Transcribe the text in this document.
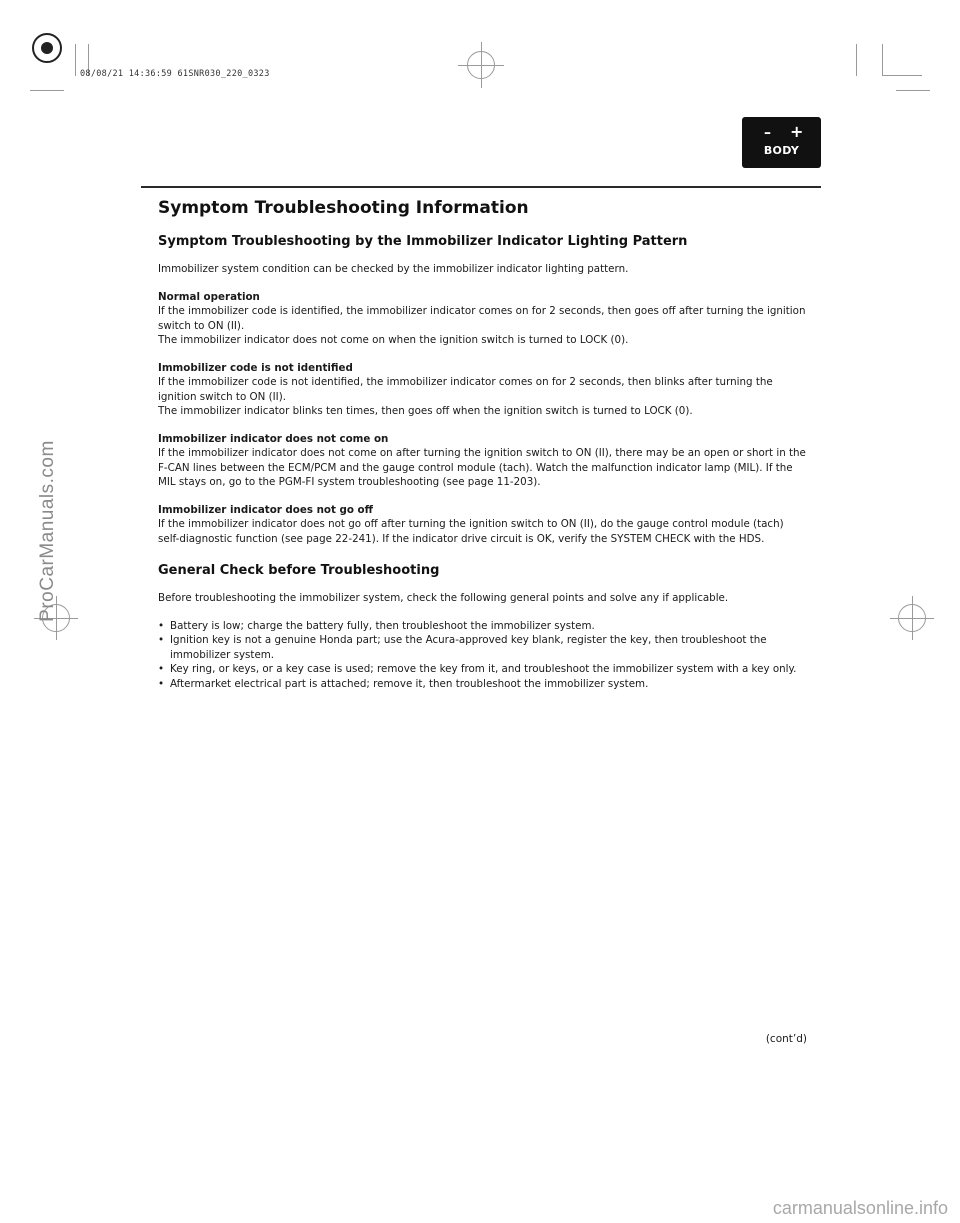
08/08/21 14:36:59 61SNR030_220_0323
ProCarManuals.com
carmanualsonline.info
– +
BODY
Symptom Troubleshooting Information
Symptom Troubleshooting by the Immobilizer Indicator Lighting Pattern

Immobilizer system condition can be checked by the immobilizer indicator lighting pattern.

Normal operation

If the immobilizer code is identified, the immobilizer indicator comes on for 2 seconds, then goes off after turning the ignition switch to ON (II).

The immobilizer indicator does not come on when the ignition switch is turned to LOCK (0).

Immobilizer code is not identified

If the immobilizer code is not identified, the immobilizer indicator comes on for 2 seconds, then blinks after turning the ignition switch to ON (II).

The immobilizer indicator blinks ten times, then goes off when the ignition switch is turned to LOCK (0).

Immobilizer indicator does not come on

If the immobilizer indicator does not come on after turning the ignition switch to ON (II), there may be an open or short in the F-CAN lines between the ECM/PCM and the gauge control module (tach). Watch the malfunction indicator lamp (MIL). If the MIL stays on, go to the PGM-FI system troubleshooting (see page 11-203).

Immobilizer indicator does not go off

If the immobilizer indicator does not go off after turning the ignition switch to ON (II), do the gauge control module (tach) self-diagnostic function (see page 22-241). If the indicator drive circuit is OK, verify the SYSTEM CHECK with the HDS.

General Check before Troubleshooting

Before troubleshooting the immobilizer system, check the following general points and solve any if applicable.

• Battery is low; charge the battery fully, then troubleshoot the immobilizer system.
• Ignition key is not a genuine Honda part; use the Acura-approved key blank, register the key, then troubleshoot the immobilizer system.
• Key ring, or keys, or a key case is used; remove the key from it, and troubleshoot the immobilizer system with a key only.
• Aftermarket electrical part is attached; remove it, then troubleshoot the immobilizer system.
(cont’d)
